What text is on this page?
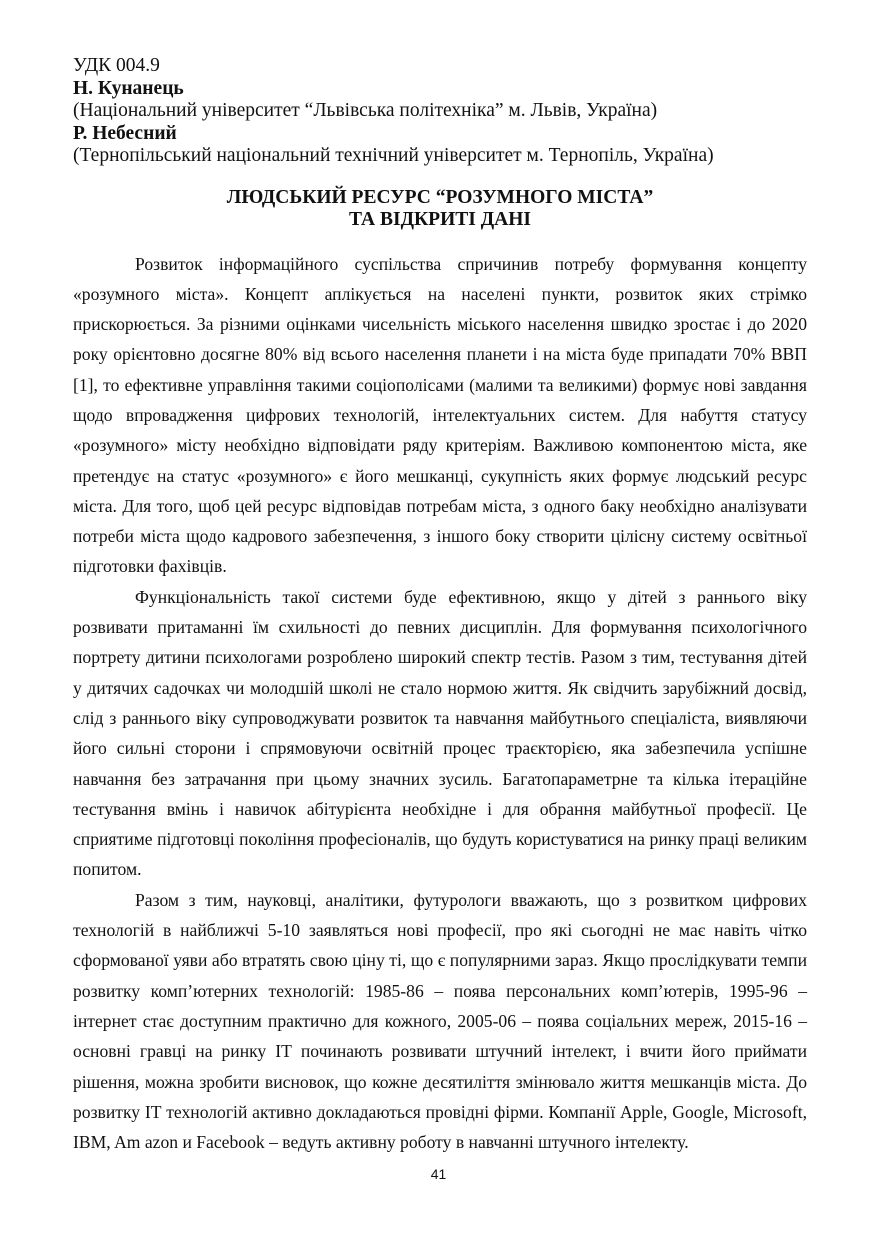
УДК 004.9
Н. Кунанець
(Національний університет “Львівська політехніка” м. Львів, Україна)
Р. Небесний
(Тернопільський національний технічний університет м. Тернопіль, Україна)
ЛЮДСЬКИЙ РЕСУРС “РОЗУМНОГО МІСТА”
ТА ВІДКРИТІ ДАНІ

Розвиток інформаційного суспільства спричинив потребу формування концепту «розумного міста». Концепт аплікується на населені пункти, розвиток яких стрімко прискорюється. За різними оцінками чисельність міського населення швидко зростає і до 2020 року орієнтовно досягне 80% від всього населення планети і на міста буде припадати 70% ВВП [1], то ефективне управління такими соціополісами (малими та великими) формує нові завдання щодо впровадження цифрових технологій, інтелектуальних систем. Для набуття статусу «розумного» місту необхідно відповідати ряду критеріям. Важливою компонентою міста, яке претендує на статус «розумного» є його мешканці, сукупність яких формує людський ресурс міста. Для того, щоб цей ресурс відповідав потребам міста, з одного баку необхідно аналізувати потреби міста щодо кадрового забезпечення, з іншого боку створити цілісну систему освітньої підготовки фахівців.

Функціональність такої системи буде ефективною, якщо у дітей з раннього віку розвивати притаманні їм схильності до певних дисциплін. Для формування психологічного портрету дитини психологами розроблено широкий спектр тестів. Разом з тим, тестування дітей у дитячих садочках чи молодшій школі не стало нормою життя. Як свідчить зарубіжний досвід, слід з раннього віку супроводжувати розвиток та навчання майбутнього спеціаліста, виявляючи його сильні сторони і спрямовуючи освітній процес траєкторією, яка забезпечила успішне навчання без затрачання при цьому значних зусиль. Багатопараметрне та кілька ітераційне тестування вмінь і навичок абітурієнта необхідне і для обрання майбутньої професії. Це сприятиме підготовці покоління професіоналів, що будуть користуватися на ринку праці великим попитом.

Разом з тим, науковці, аналітики, футурологи вважають, що з розвитком цифрових технологій в найближчі 5-10 заявляться нові професії, про які сьогодні не має навіть чітко сформованої уяви або втратять свою ціну ті, що є популярними зараз. Якщо прослідкувати темпи розвитку комп’ютерних технологій: 1985-86 – поява персональних комп’ютерів, 1995-96 – інтернет стає доступним практично для кожного, 2005-06 – поява соціальних мереж, 2015-16 – основні гравці на ринку ІТ починають розвивати штучний інтелект, і вчити його приймати рішення, можна зробити висновок, що кожне десятиліття змінювало життя мешканців міста. До розвитку ІТ технологій активно докладаються провідні фірми. Компанії Apple, Google, Microsoft, IBM, Am azon и Facebook – ведуть активну роботу в навчанні штучного інтелекту.

41
